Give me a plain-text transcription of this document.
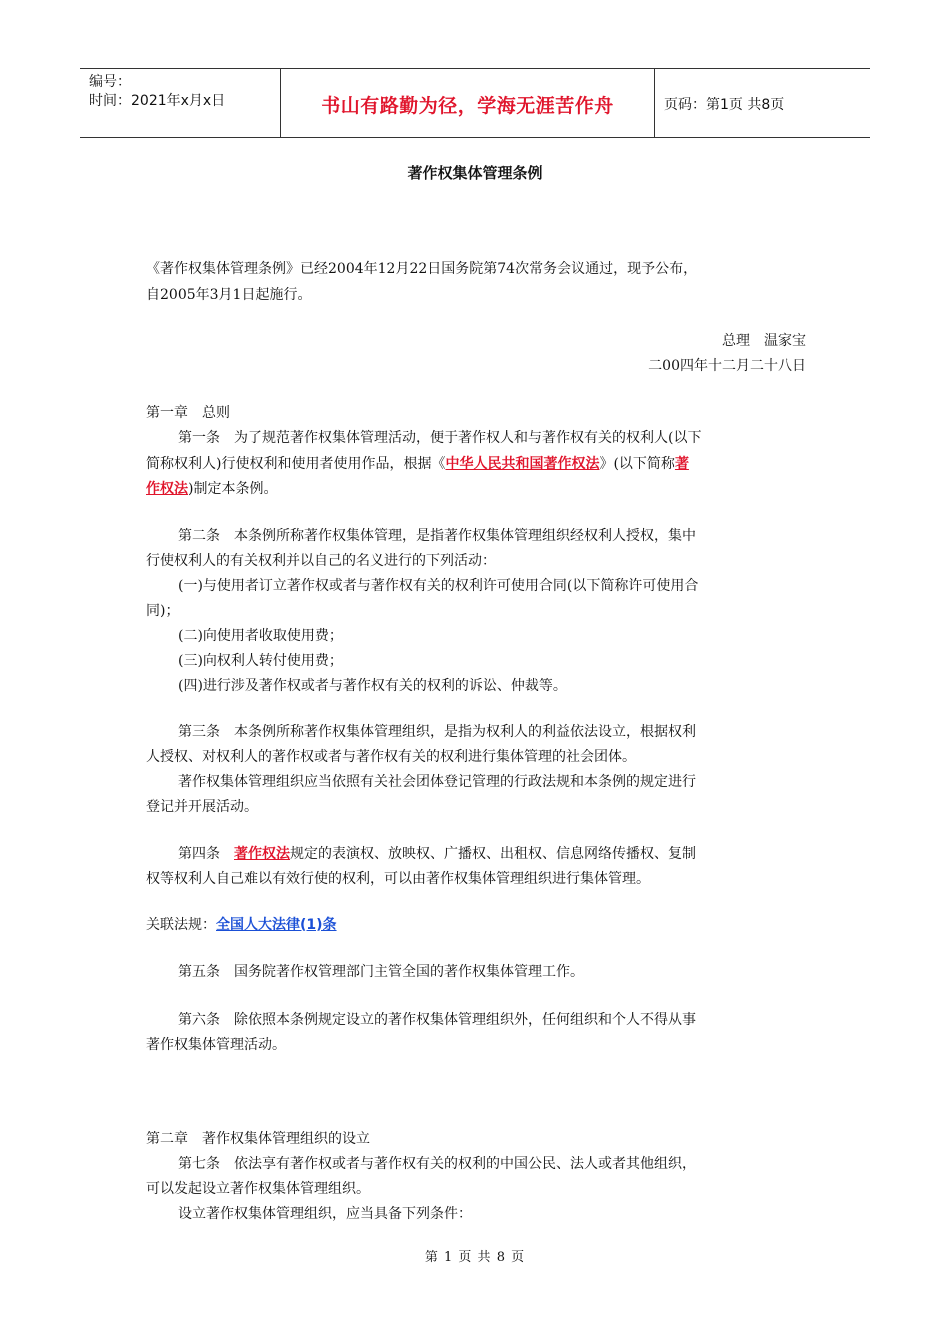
编号：
时间：2021年x月x日	书山有路勤为径，学海无涯苦作舟	页码：第1页 共8页
著作权集体管理条例
《著作权集体管理条例》已经2004年12月22日国务院第74次常务会议通过，现予公布，
自2005年3月1日起施行。
总理　温家宝
二00四年十二月二十八日
第一章　总则
第一条　为了规范著作权集体管理活动，便于著作权人和与著作权有关的权利人(以下
简称权利人)行使权利和使用者使用作品，根据《中华人民共和国著作权法》(以下简称著
作权法)制定本条例。
第二条　本条例所称著作权集体管理，是指著作权集体管理组织经权利人授权，集中
行使权利人的有关权利并以自己的名义进行的下列活动：
(一)与使用者订立著作权或者与著作权有关的权利许可使用合同(以下简称许可使用合
同)；
(二)向使用者收取使用费；
(三)向权利人转付使用费；
(四)进行涉及著作权或者与著作权有关的权利的诉讼、仲裁等。
第三条　本条例所称著作权集体管理组织，是指为权利人的利益依法设立，根据权利
人授权、对权利人的著作权或者与著作权有关的权利进行集体管理的社会团体。
著作权集体管理组织应当依照有关社会团体登记管理的行政法规和本条例的规定进行
登记并开展活动。
第四条　著作权法规定的表演权、放映权、广播权、出租权、信息网络传播权、复制
权等权利人自己难以有效行使的权利，可以由著作权集体管理组织进行集体管理。
关联法规：全国人大法律(1)条
第五条　国务院著作权管理部门主管全国的著作权集体管理工作。
第六条　除依照本条例规定设立的著作权集体管理组织外，任何组织和个人不得从事
著作权集体管理活动。
第二章　著作权集体管理组织的设立
第七条　依法享有著作权或者与著作权有关的权利的中国公民、法人或者其他组织，
可以发起设立著作权集体管理组织。
设立著作权集体管理组织，应当具备下列条件：
第 1 页 共 8 页
